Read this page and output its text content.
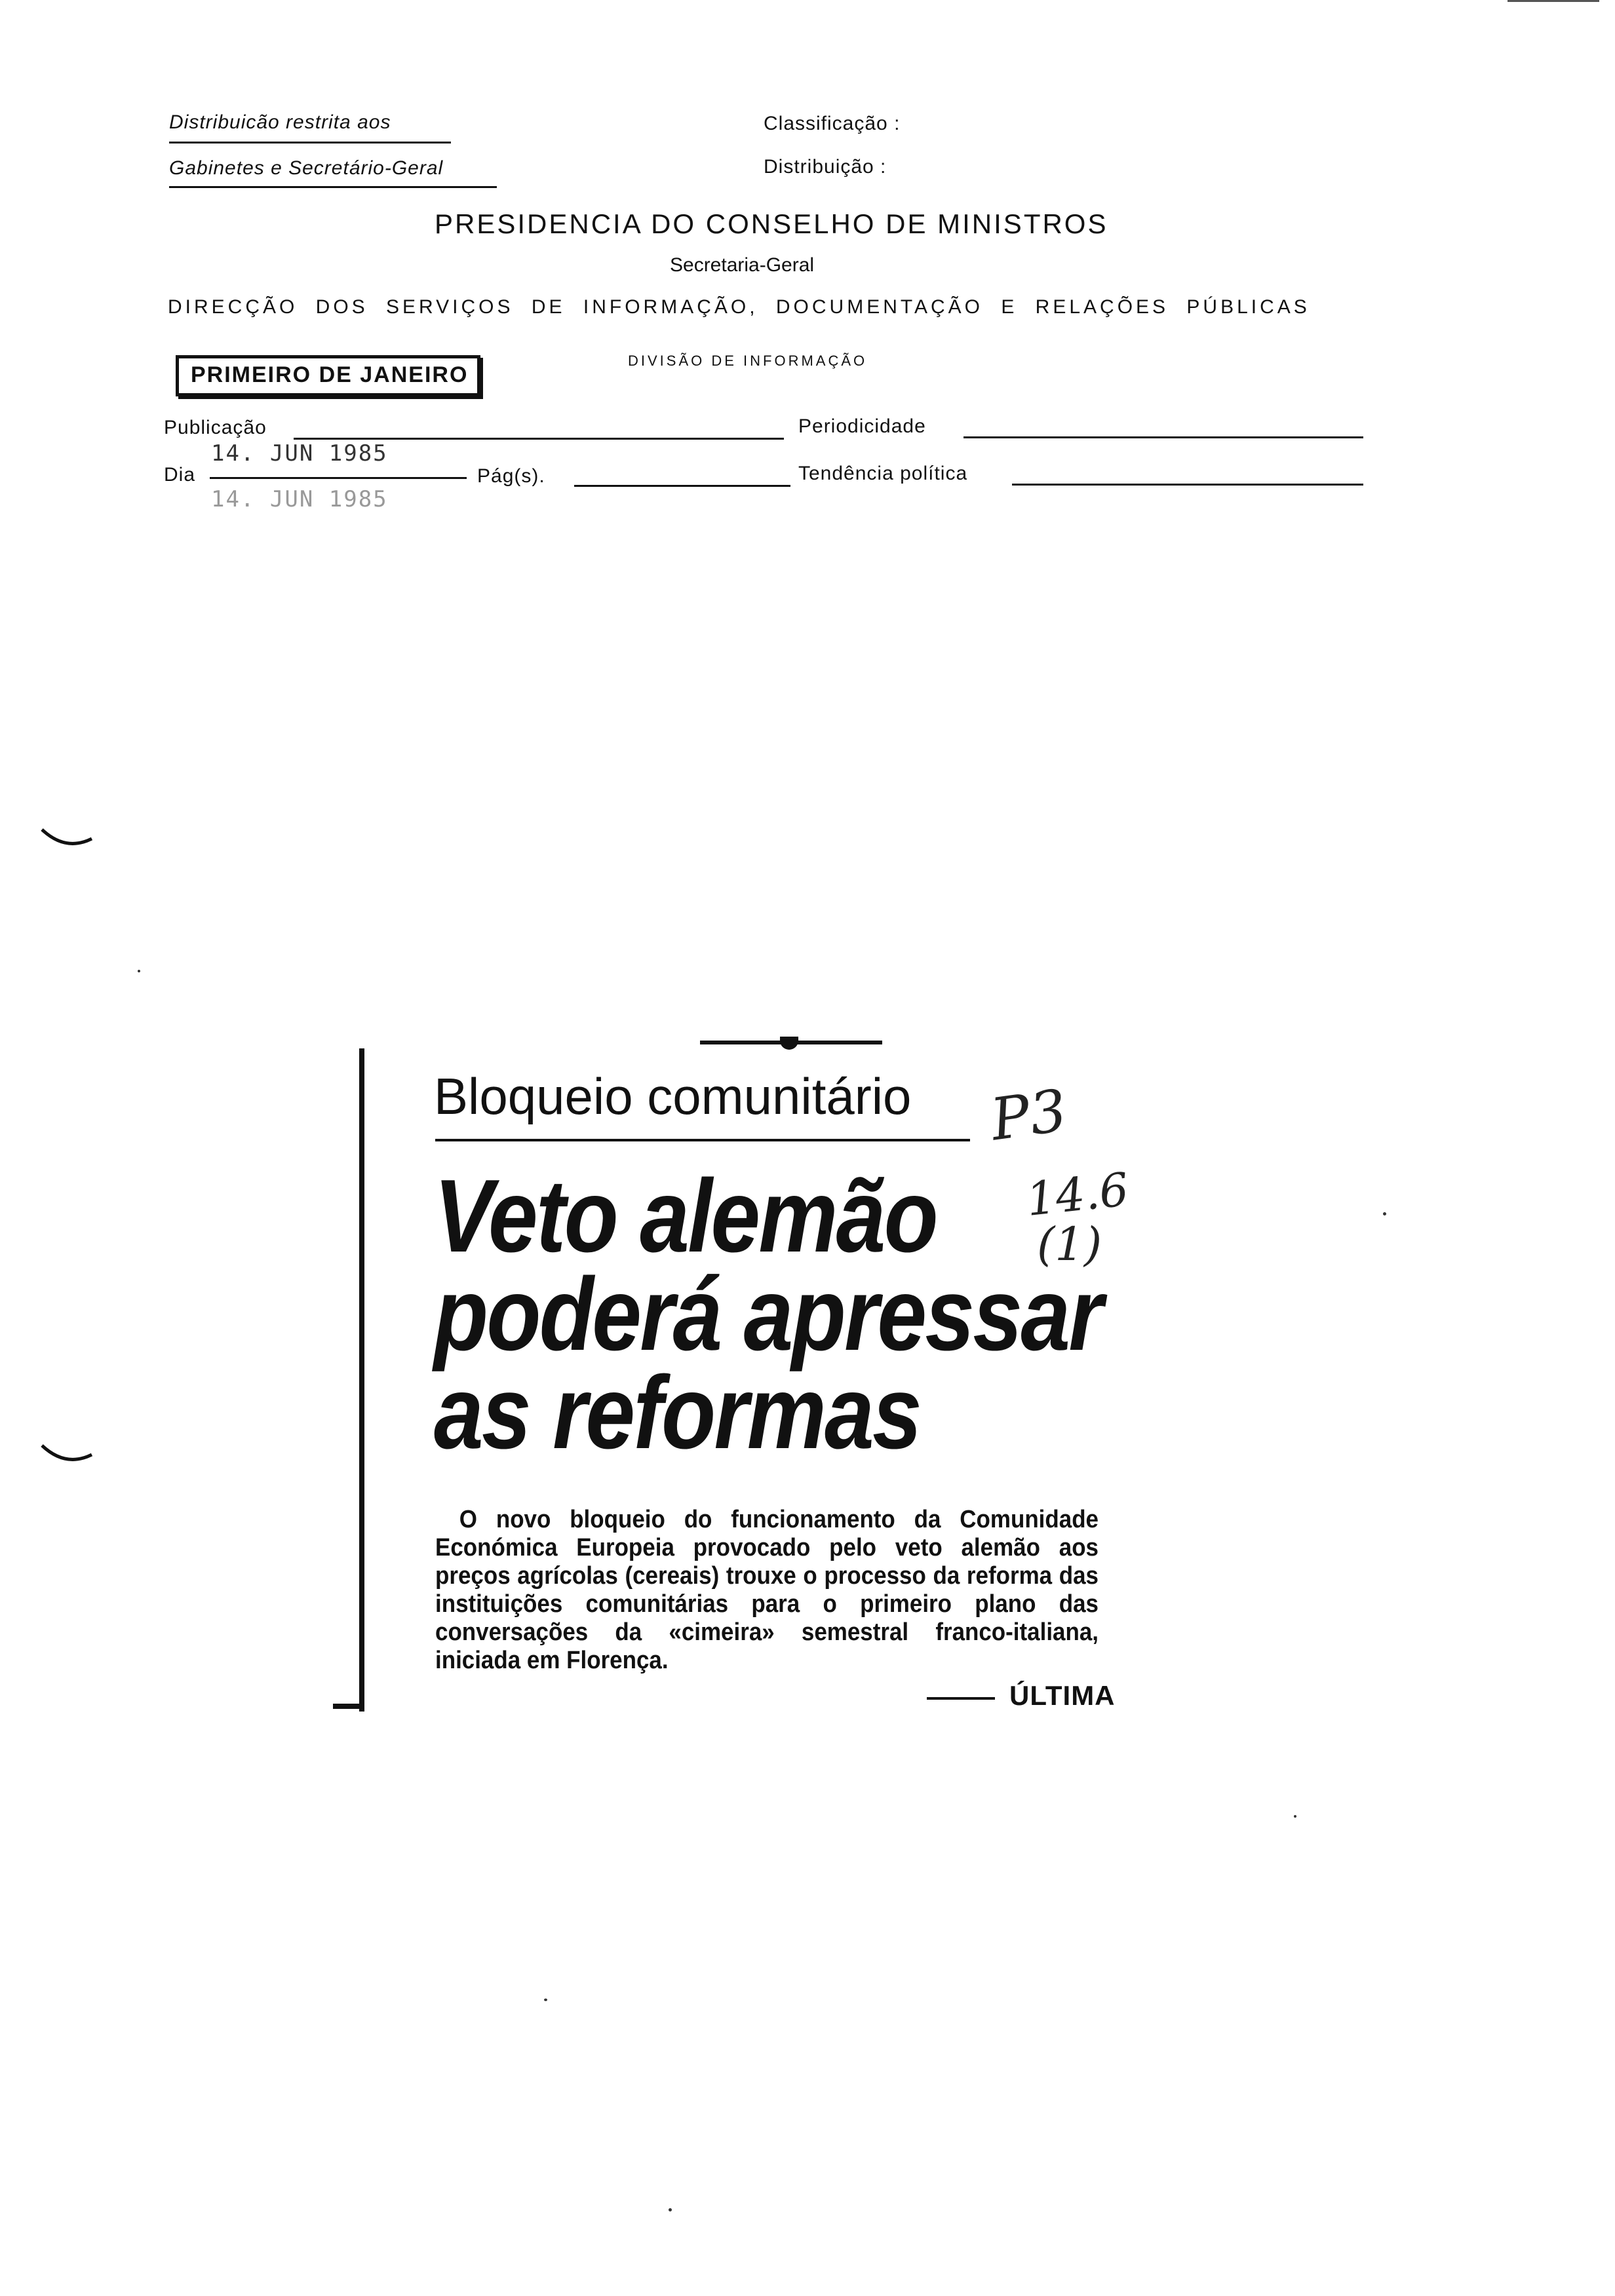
Distribuicão restrita aos
Gabinetes e Secretário-Geral
Classificação :
Distribuição :
PRESIDENCIA DO CONSELHO DE MINISTROS
Secretaria-Geral
DIRECÇÃO DOS SERVIÇOS DE INFORMAÇÃO, DOCUMENTAÇÃO E RELAÇÕES PÚBLICAS
DIVISÃO DE INFORMAÇÃO
PRIMEIRO DE JANEIRO
Publicação	Periodicidade
Dia
14. JUN 1985
14. JUN 1985
Pág(s).	Tendência política
Bloqueio comunitário
Veto alemão
poderá apressar
as reformas
O novo bloqueio do funcionamento da Comunidade Económica Europeia provocado pelo veto alemão aos preços agrícolas (cereais) trouxe o processo da reforma das instituições comunitárias para o primeiro plano das conversações da «cimeira» semestral franco-italiana, iniciada em Florença.
ÚLTIMA
P3
14.6
(1)
